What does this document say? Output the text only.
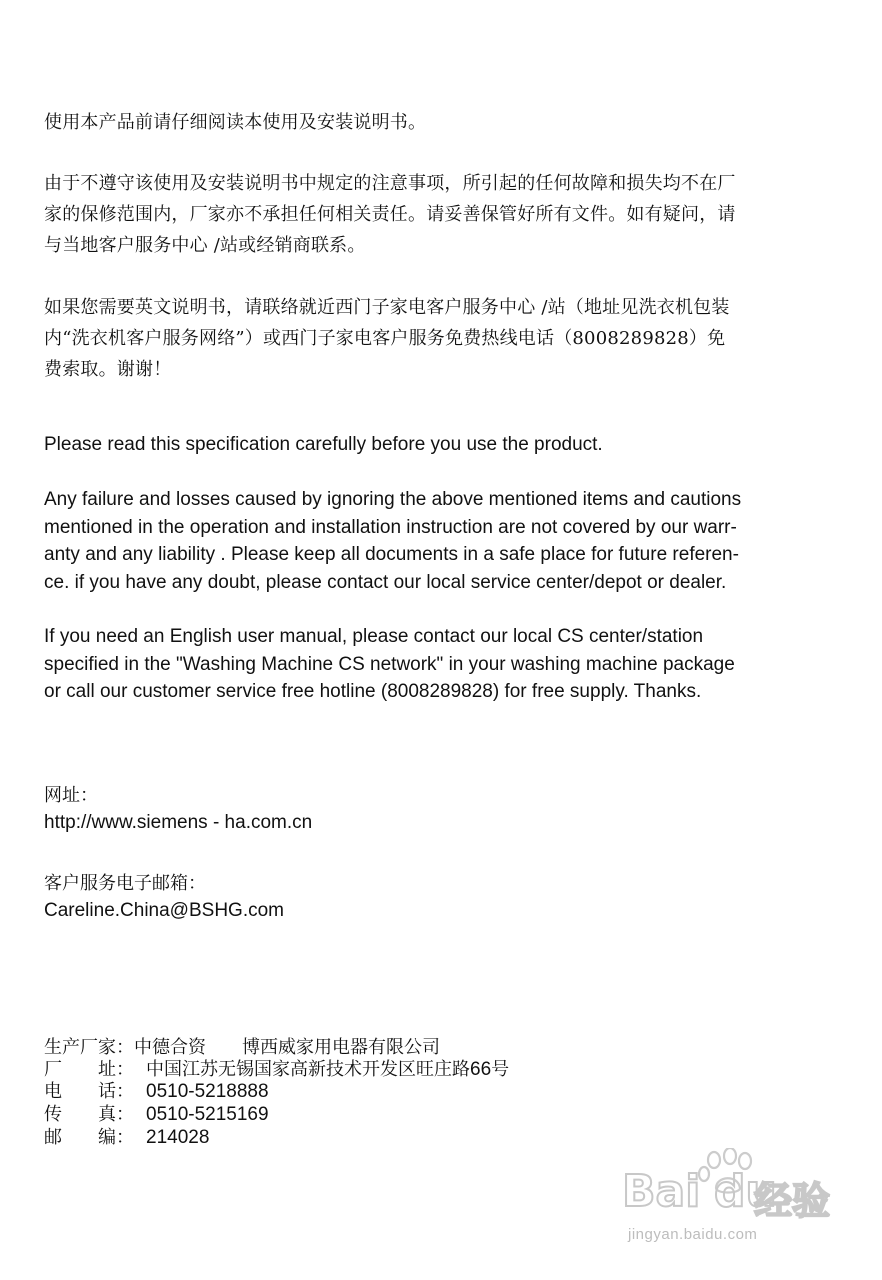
使用本产品前请仔细阅读本使用及安装说明书。

由于不遵守该使用及安装说明书中规定的注意事项，所引起的任何故障和损失均不在厂
家的保修范围内，厂家亦不承担任何相关责任。请妥善保管好所有文件。如有疑问，请
与当地客户服务中心 /站或经销商联系。

如果您需要英文说明书，请联络就近西门子家电客户服务中心 /站（地址见洗衣机包装
内“洗衣机客户服务网络”）或西门子家电客户服务免费热线电话（8008289828）免
费索取。谢谢！

Please read this specification carefully before you use the product.

Any failure and losses caused by ignoring the above mentioned items and cautions
mentioned in the operation and installation instruction are not covered by our warr-
anty and any liability . Please keep all documents in a safe place for future referen-
ce. if you have any doubt, please contact our local service center/depot or dealer.

If you need an English user manual, please contact our local CS center/station
specified in the "Washing Machine CS network" in your washing machine package
or call our customer service free hotline (8008289828) for free supply. Thanks.

网址：
http://www.siemens - ha.com.cn
客户服务电子邮箱：
Careline.China@BSHG.com
生产厂家：中德合资 博西威家用电器有限公司
厂　　址： 中国江苏无锡国家高新技术开发区旺庄路66号
电　　话： 0510-5218888
传　　真： 0510-5215169
邮　　编： 214028
Bai du
经验
jingyan.baidu.com
